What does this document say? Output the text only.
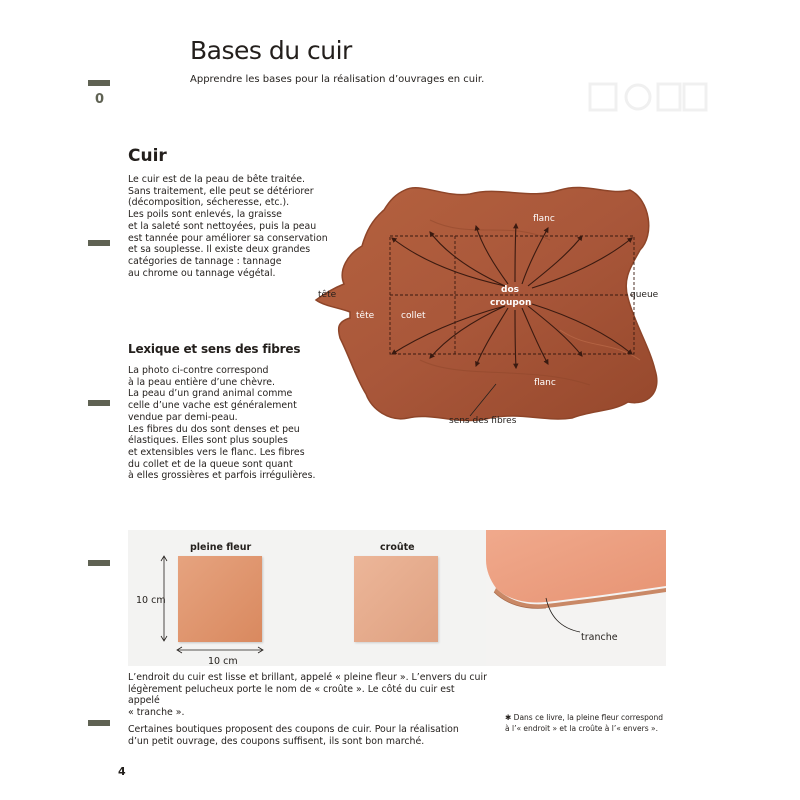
0
Bases du cuir
Apprendre les bases pour la réalisation d’ouvrages en cuir.
Cuir
Le cuir est de la peau de bête traitée.
Sans traitement, elle peut se détériorer
(décomposition, sécheresse, etc.).
Les poils sont enlevés, la graisse
et la saleté sont nettoyées, puis la peau
est tannée pour améliorer sa conservation
et sa souplesse. Il existe deux grandes
catégories de tannage : tannage
au chrome ou tannage végétal.
Lexique et sens des fibres
La photo ci-contre correspond
à la peau entière d’une chèvre.
La peau d’un grand animal comme
celle d’une vache est généralement
vendue par demi-peau.
Les fibres du dos sont denses et peu
élastiques. Elles sont plus souples
et extensibles vers le flanc. Les fibres
du collet et de la queue sont quant
à elles grossières et parfois irrégulières.
flanc
dos
croupon
tête	collet
flanc
tête	queue
sens des fibres
pleine fleur	croûte
10 cm
10 cm
tranche
L’endroit du cuir est lisse et brillant, appelé « pleine fleur ». L’envers du cuir
légèrement pelucheux porte le nom de « croûte ». Le côté du cuir est appelé
« tranche ».
Certaines boutiques proposent des coupons de cuir. Pour la réalisation
d’un petit ouvrage, des coupons suffisent, ils sont bon marché.
✱ Dans ce livre, la pleine fleur correspond
à l’« endroit » et la croûte à l’« envers ».
4
